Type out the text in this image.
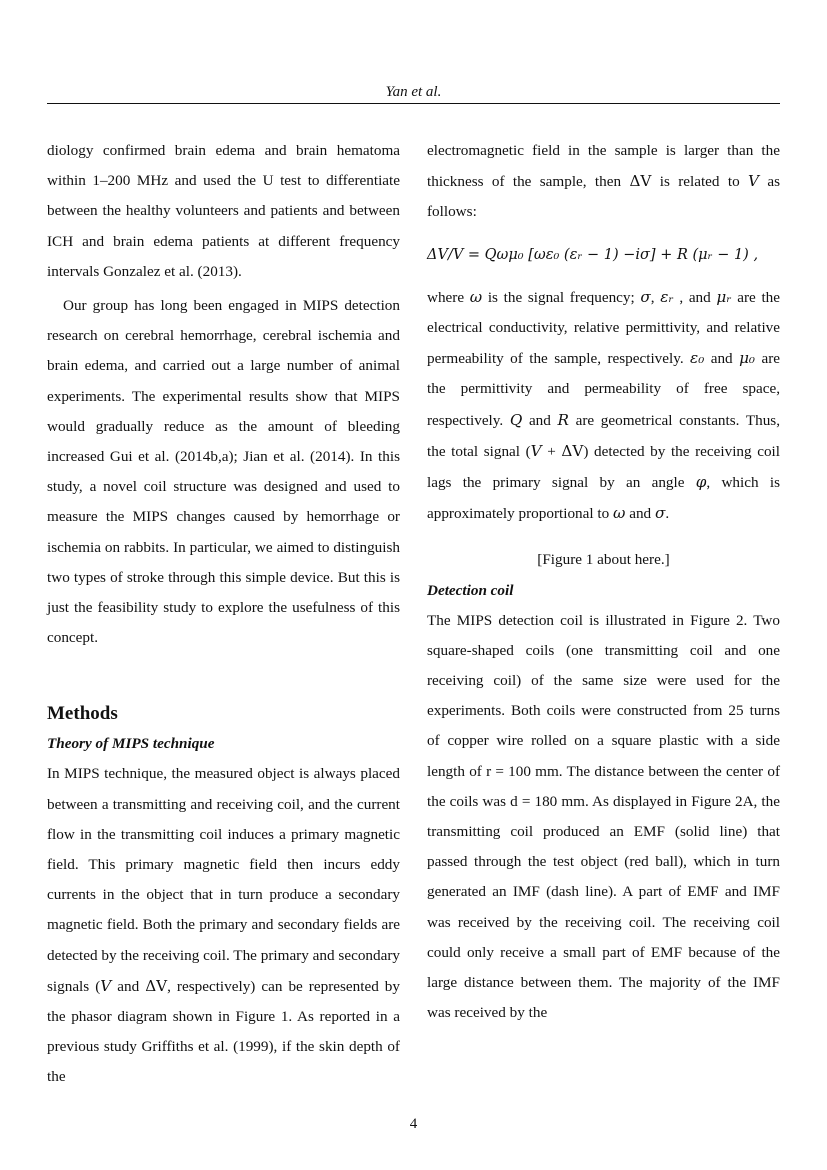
Yan et al.

diology confirmed brain edema and brain hematoma within 1–200 MHz and used the U test to differentiate between the healthy volunteers and patients and between ICH and brain edema patients at different frequency intervals Gonzalez et al. (2013).

Our group has long been engaged in MIPS detection research on cerebral hemorrhage, cerebral ischemia and brain edema, and carried out a large number of animal experiments. The experimental results show that MIPS would gradually reduce as the amount of bleeding increased Gui et al. (2014b,a); Jian et al. (2014). In this study, a novel coil structure was designed and used to measure the MIPS changes caused by hemorrhage or ischemia on rabbits. In particular, we aimed to distinguish two types of stroke through this simple device. But this is just the feasibility study to explore the usefulness of this concept.

Methods
Theory of MIPS technique

In MIPS technique, the measured object is always placed between a transmitting and receiving coil, and the current flow in the transmitting coil induces a primary magnetic field. This primary magnetic field then incurs eddy currents in the object that in turn produce a secondary magnetic field. Both the primary and secondary fields are detected by the receiving coil. The primary and secondary signals (V and ΔV, respectively) can be represented by the phasor diagram shown in Figure 1. As reported in a previous study Griffiths et al. (1999), if the skin depth of the

electromagnetic field in the sample is larger than the thickness of the sample, then ΔV is related to V as follows:

ΔV/V = Qωμ₀ [ωε₀ (εᵣ − 1) −iσ] + R (μᵣ − 1) ,

where ω is the signal frequency; σ, εᵣ , and μᵣ are the electrical conductivity, relative permittivity, and relative permeability of the sample, respectively. ε₀ and μ₀ are the permittivity and permeability of free space, respectively. Q and R are geometrical constants. Thus, the total signal (V + ΔV) detected by the receiving coil lags the primary signal by an angle φ, which is approximately proportional to ω and σ.

[Figure 1 about here.]
Detection coil

The MIPS detection coil is illustrated in Figure 2. Two square-shaped coils (one transmitting coil and one receiving coil) of the same size were used for the experiments. Both coils were constructed from 25 turns of copper wire rolled on a square plastic with a side length of r = 100 mm. The distance between the center of the coils was d = 180 mm. As displayed in Figure 2A, the transmitting coil produced an EMF (solid line) that passed through the test object (red ball), which in turn generated an IMF (dash line). A part of EMF and IMF was received by the receiving coil. The receiving coil could only receive a small part of EMF because of the large distance between them. The majority of the IMF was received by the

4
